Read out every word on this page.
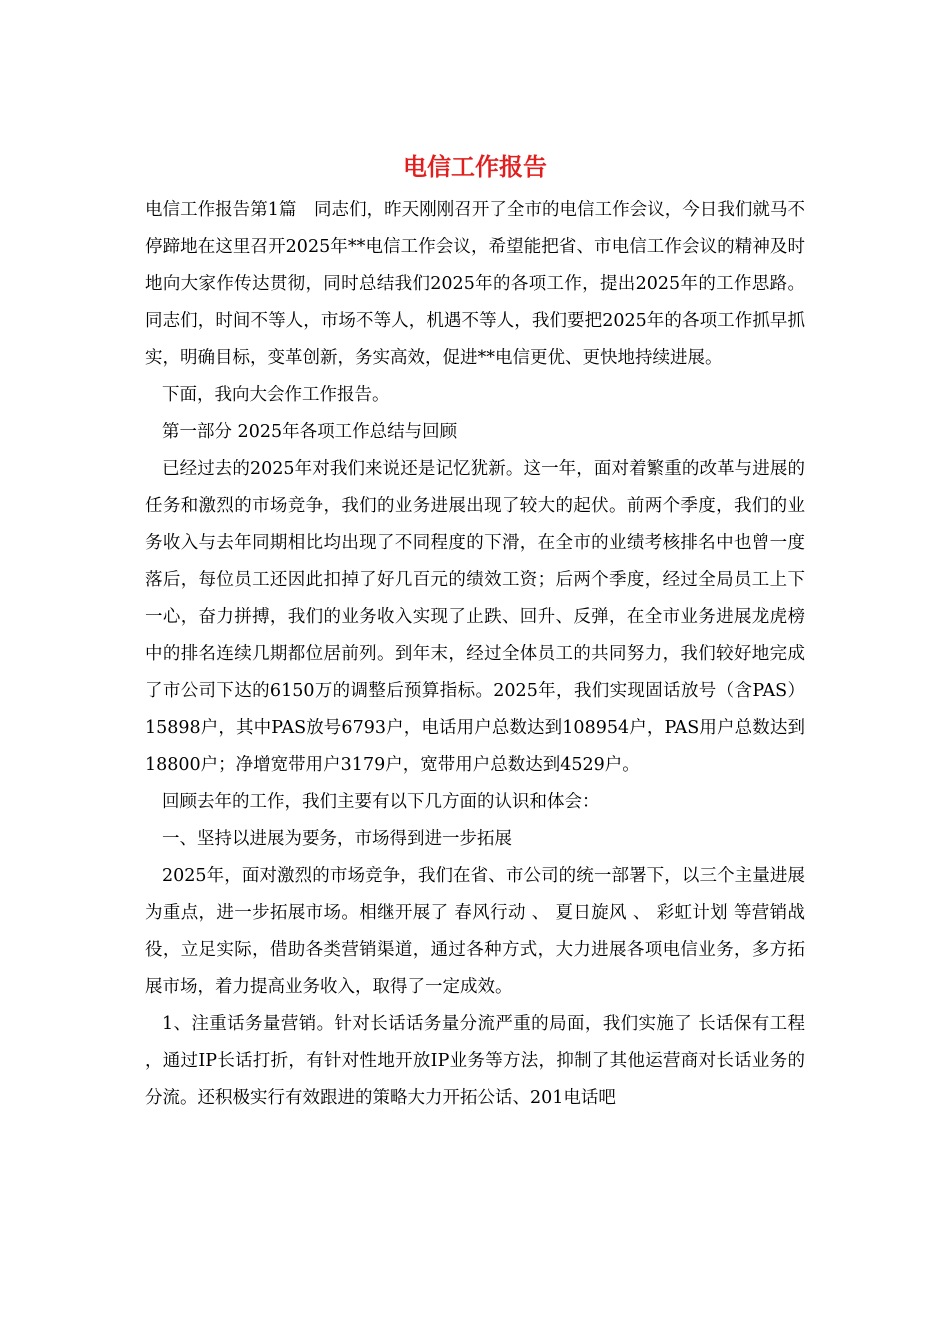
电信工作报告

电信工作报告第1篇　同志们，昨天刚刚召开了全市的电信工作会议，今日我们就马不停蹄地在这里召开2025年**电信工作会议，希望能把省、市电信工作会议的精神及时地向大家作传达贯彻，同时总结我们2025年的各项工作，提出2025年的工作思路。同志们，时间不等人，市场不等人，机遇不等人，我们要把2025年的各项工作抓早抓实，明确目标，变革创新，务实高效，促进**电信更优、更快地持续进展。

下面，我向大会作工作报告。

第一部分 2025年各项工作总结与回顾

已经过去的2025年对我们来说还是记忆犹新。这一年，面对着繁重的改革与进展的任务和激烈的市场竞争，我们的业务进展出现了较大的起伏。前两个季度，我们的业务收入与去年同期相比均出现了不同程度的下滑，在全市的业绩考核排名中也曾一度落后，每位员工还因此扣掉了好几百元的绩效工资；后两个季度，经过全局员工上下一心，奋力拼搏，我们的业务收入实现了止跌、回升、反弹，在全市业务进展龙虎榜中的排名连续几期都位居前列。到年末，经过全体员工的共同努力，我们较好地完成了市公司下达的6150万的调整后预算指标。2025年，我们实现固话放号（含PAS）15898户，其中PAS放号6793户，电话用户总数达到108954户，PAS用户总数达到18800户；净增宽带用户3179户，宽带用户总数达到4529户。

回顾去年的工作，我们主要有以下几方面的认识和体会：

一、坚持以进展为要务，市场得到进一步拓展

2025年，面对激烈的市场竞争，我们在省、市公司的统一部署下，以三个主量进展为重点，进一步拓展市场。相继开展了 春风行动 、 夏日旋风 、 彩虹计划 等营销战役，立足实际，借助各类营销渠道，通过各种方式，大力进展各项电信业务，多方拓展市场，着力提高业务收入，取得了一定成效。

1、注重话务量营销。针对长话话务量分流严重的局面，我们实施了 长话保有工程 ，通过IP长话打折，有针对性地开放IP业务等方法，抑制了其他运营商对长话业务的分流。还积极实行有效跟进的策略大力开拓公话、201电话吧
